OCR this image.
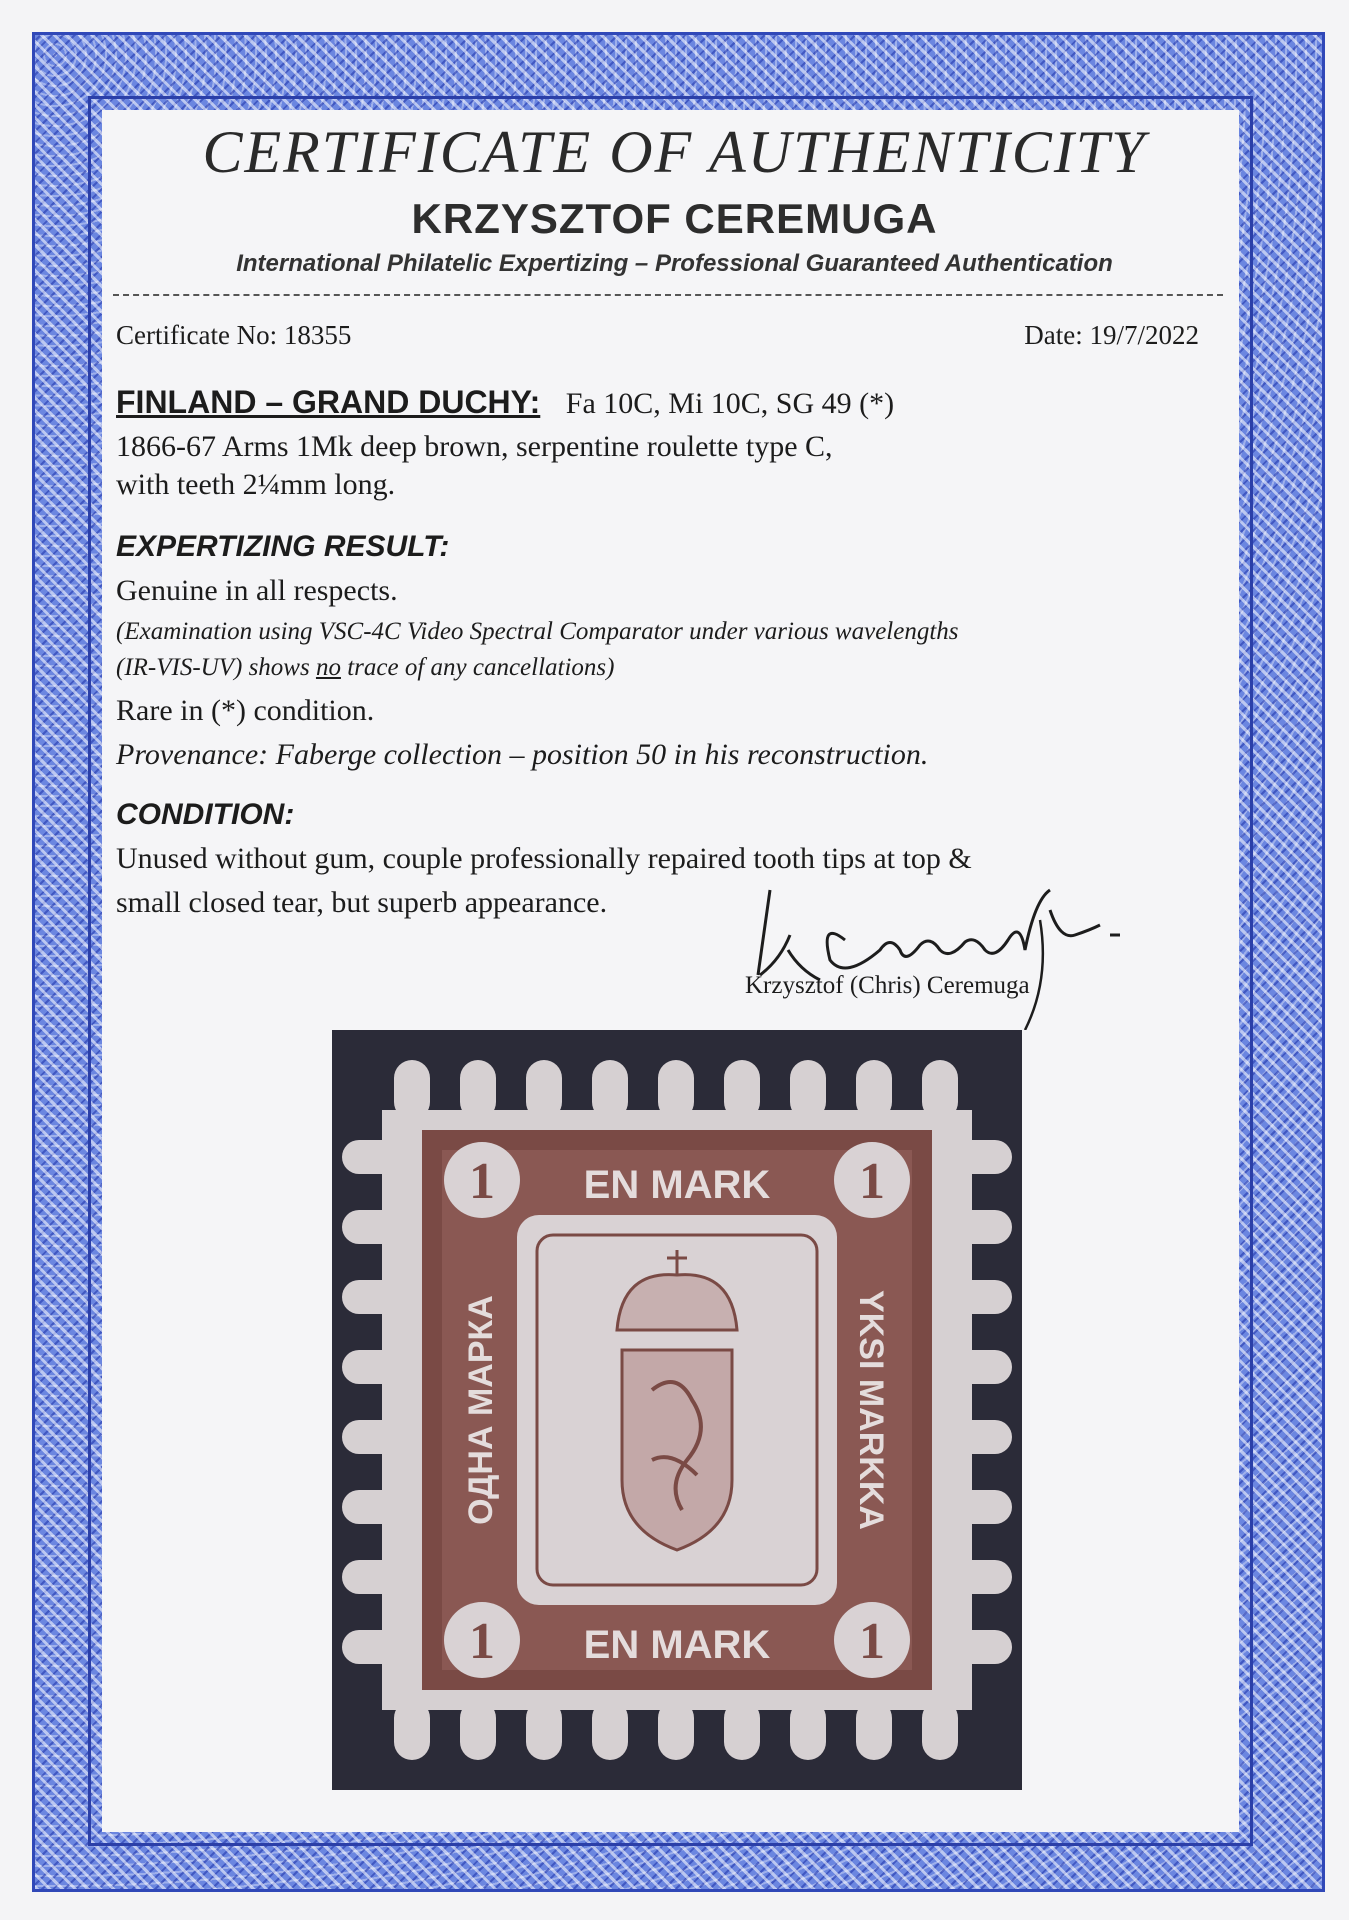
CERTIFICATE OF AUTHENTICITY
KRZYSZTOF CEREMUGA
International Philatelic Expertizing – Professional Guaranteed Authentication
Certificate No: 18355	Date: 19/7/2022
FINLAND – GRAND DUCHY: Fa 10C, Mi 10C, SG 49 (*)
1866-67 Arms 1Mk deep brown, serpentine roulette type C,
with teeth 2¼mm long.
EXPERTIZING RESULT:
Genuine in all respects.
(Examination using VSC-4C Video Spectral Comparator under various wavelengths
(IR-VIS-UV) shows no trace of any cancellations)
Rare in (*) condition.
Provenance: Faberge collection – position 50 in his reconstruction.
CONDITION:
Unused without gum, couple professionally repaired tooth tips at top &
small closed tear, but superb appearance.
Krzysztof (Chris) Ceremuga
1	1
1	1
EN MARK
EN MARK
ОДНА МАРКА	YKSI MARKKA
